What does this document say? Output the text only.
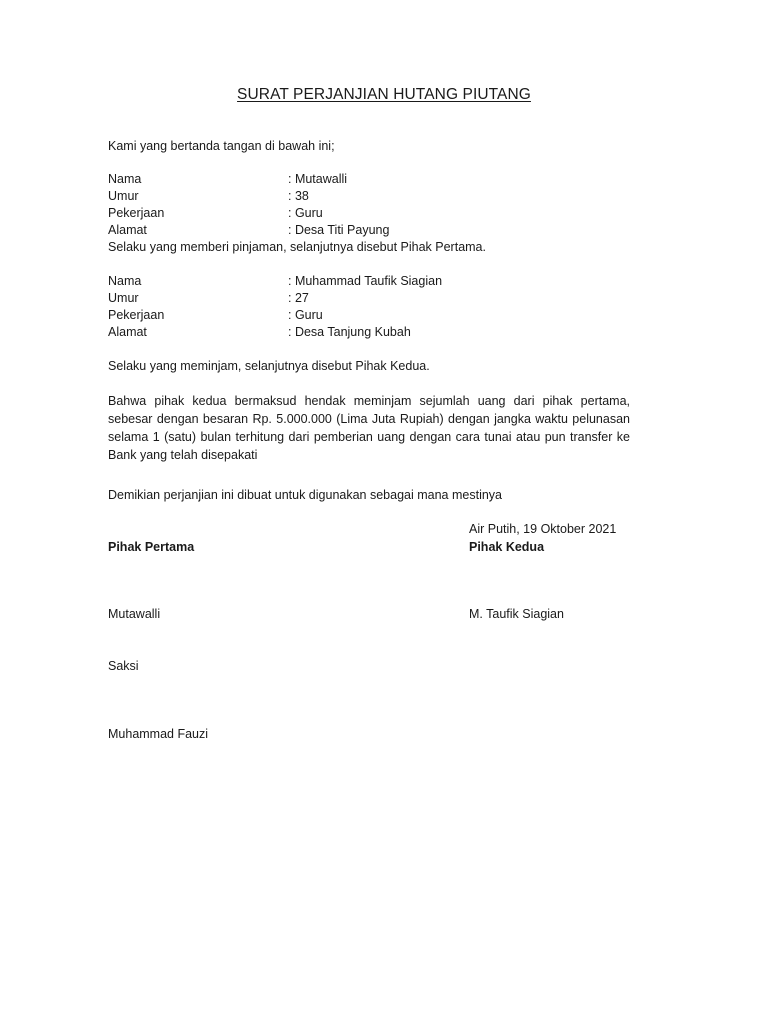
SURAT PERJANJIAN HUTANG PIUTANG
Kami yang bertanda tangan di bawah ini;
Nama	: Mutawalli
Umur	: 38
Pekerjaan	: Guru
Alamat	: Desa Titi Payung
Selaku yang memberi pinjaman, selanjutnya disebut Pihak Pertama.
Nama	: Muhammad Taufik Siagian
Umur	: 27
Pekerjaan	: Guru
Alamat	: Desa Tanjung Kubah
Selaku yang meminjam, selanjutnya disebut Pihak Kedua.
Bahwa pihak kedua bermaksud hendak meminjam sejumlah uang dari pihak pertama, sebesar dengan besaran Rp. 5.000.000 (Lima Juta Rupiah) dengan jangka waktu pelunasan selama 1 (satu) bulan terhitung dari pemberian uang dengan cara tunai atau pun transfer ke Bank yang telah disepakati
Demikian perjanjian ini dibuat untuk digunakan sebagai mana mestinya
Air Putih, 19 Oktober 2021
Pihak Pertama	Pihak Kedua
Mutawalli	M. Taufik Siagian
Saksi
Muhammad Fauzi
